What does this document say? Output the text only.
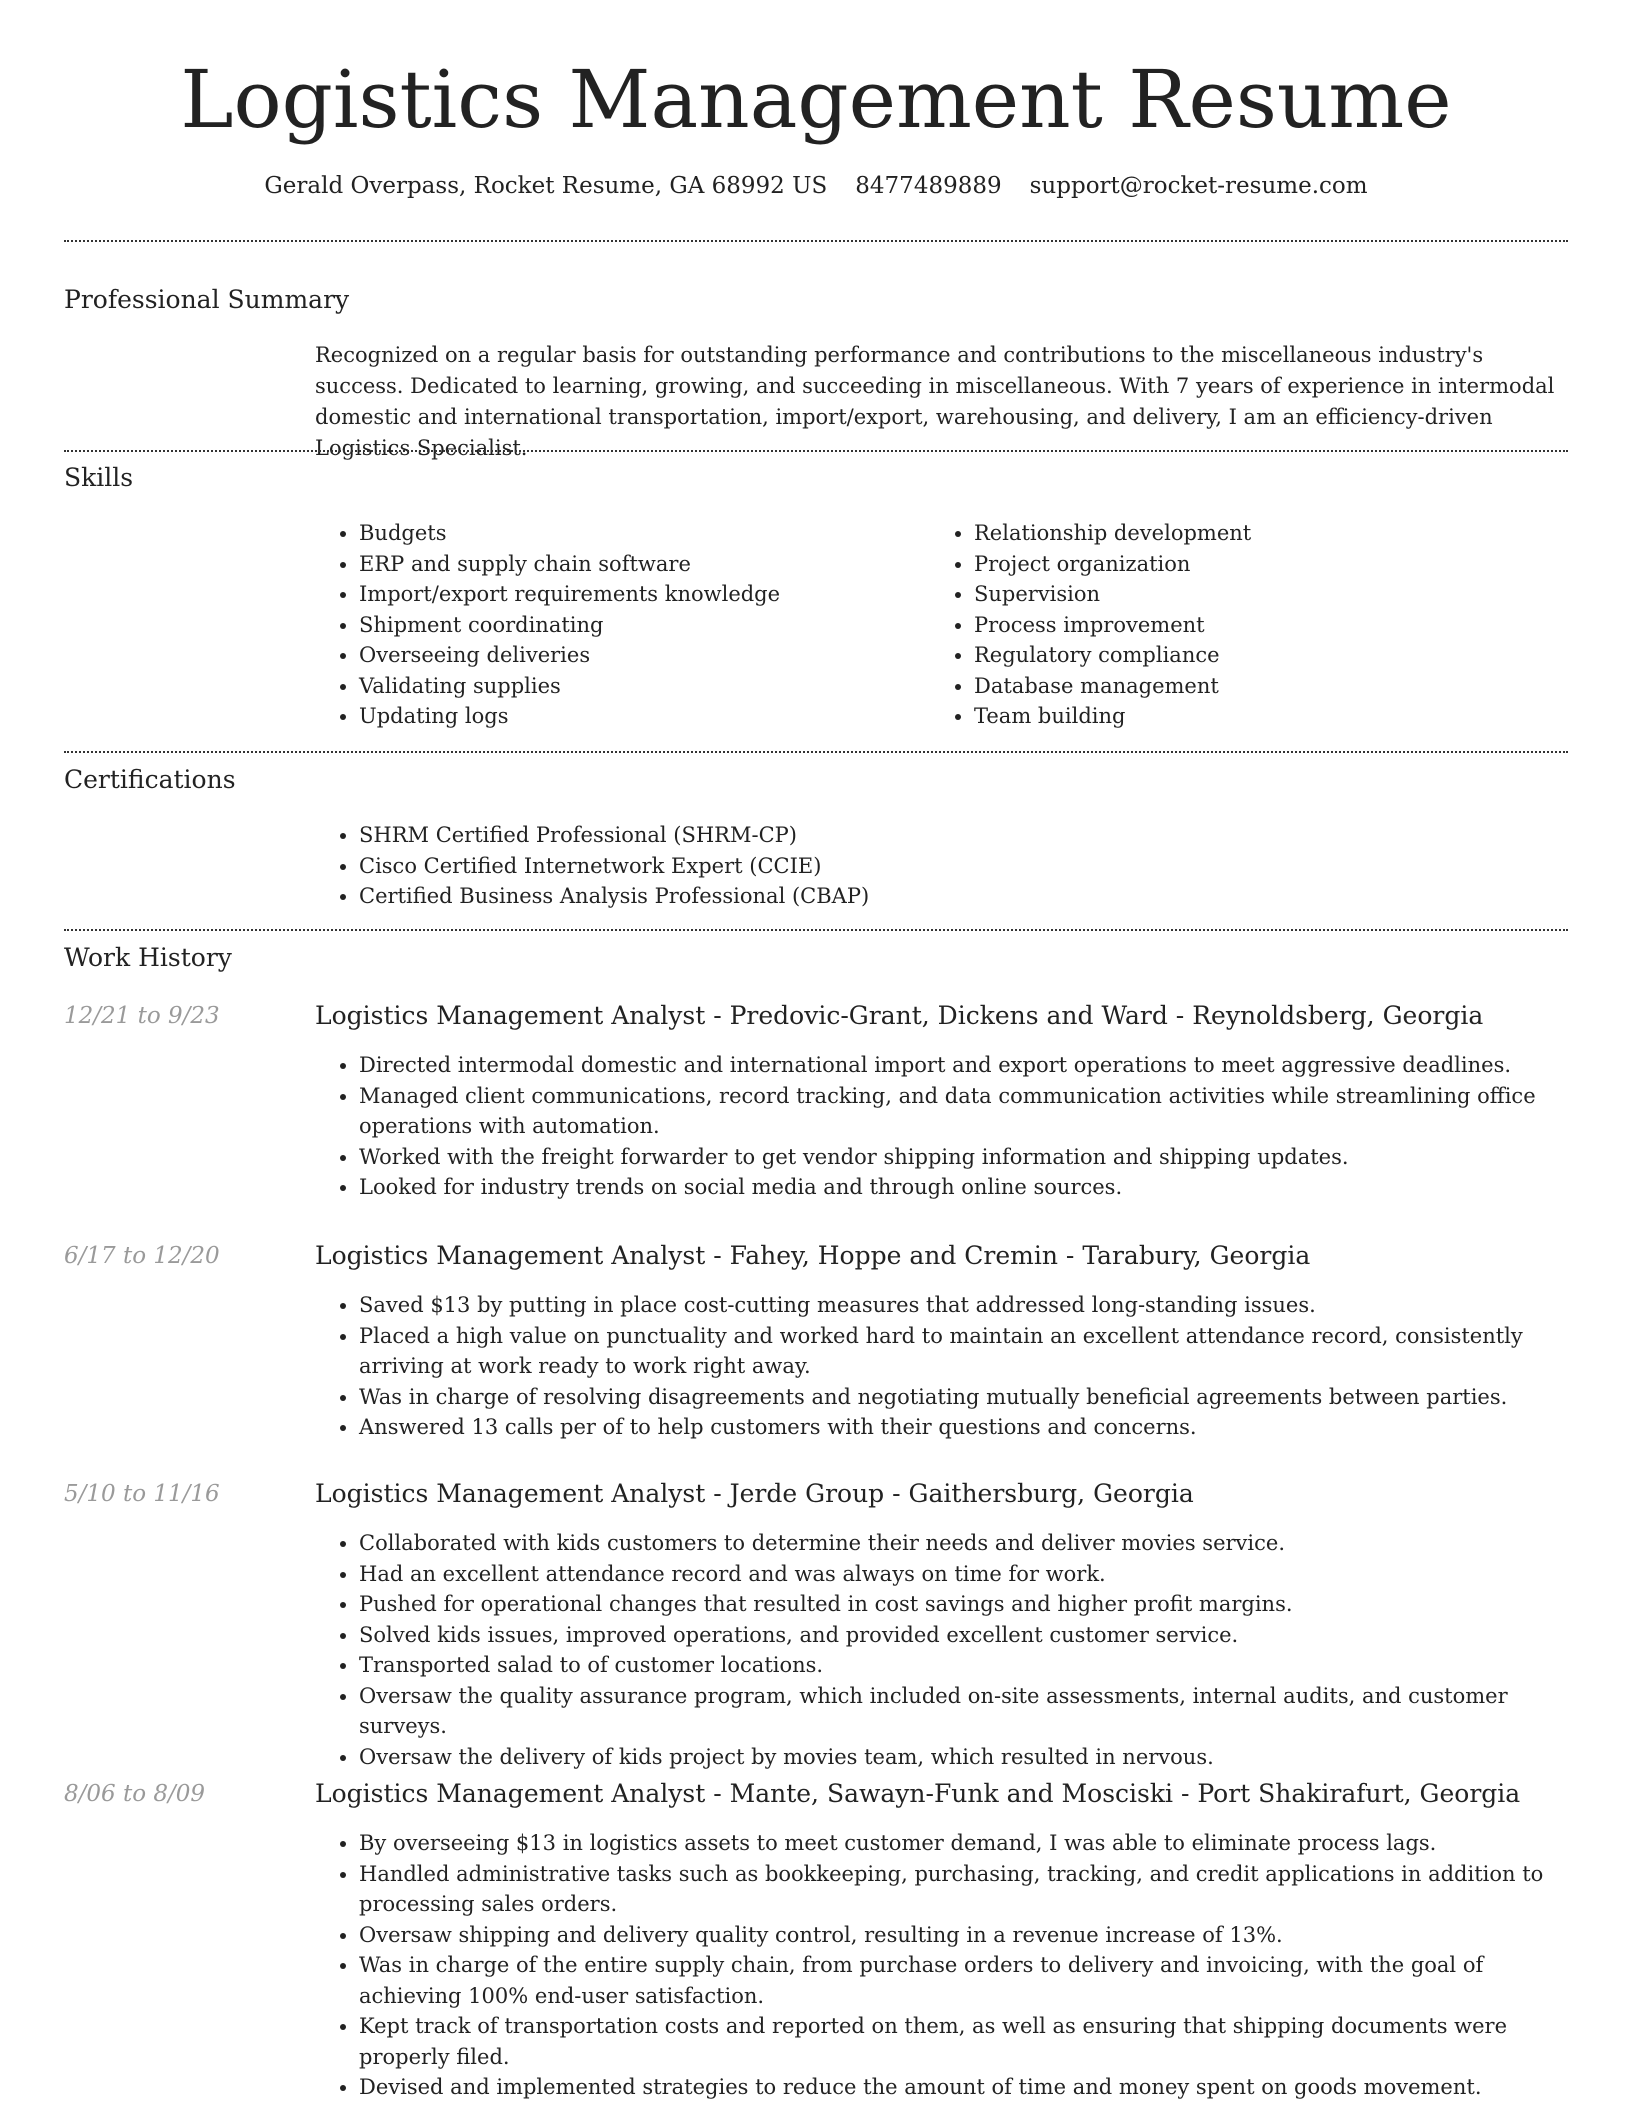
Logistics Management Resume
Gerald Overpass, Rocket Resume, GA 68992 US 8477489889 support@rocket-resume.com
Professional Summary

Recognized on a regular basis for outstanding performance and contributions to the miscellaneous industry's success. Dedicated to learning, growing, and succeeding in miscellaneous. With 7 years of experience in intermodal domestic and international transportation, import/export, warehousing, and delivery, I am an efficiency-driven Logistics Specialist.

Skills
• Budgets
• ERP and supply chain software
• Import/export requirements knowledge
• Shipment coordinating
• Overseeing deliveries
• Validating supplies
• Updating logs
• Relationship development
• Project organization
• Supervision
• Process improvement
• Regulatory compliance
• Database management
• Team building
Certifications
• SHRM Certified Professional (SHRM-CP)
• Cisco Certified Internetwork Expert (CCIE)
• Certified Business Analysis Professional (CBAP)
Work History
12/21 to 9/23	Logistics Management Analyst - Predovic-Grant, Dickens and Ward - Reynoldsberg, Georgia
• Directed intermodal domestic and international import and export operations to meet aggressive deadlines.
• Managed client communications, record tracking, and data communication activities while streamlining office operations with automation.
• Worked with the freight forwarder to get vendor shipping information and shipping updates.
• Looked for industry trends on social media and through online sources.
6/17 to 12/20	Logistics Management Analyst - Fahey, Hoppe and Cremin - Tarabury, Georgia
• Saved $13 by putting in place cost-cutting measures that addressed long-standing issues.
• Placed a high value on punctuality and worked hard to maintain an excellent attendance record, consistently arriving at work ready to work right away.
• Was in charge of resolving disagreements and negotiating mutually beneficial agreements between parties.
• Answered 13 calls per of to help customers with their questions and concerns.
5/10 to 11/16	Logistics Management Analyst - Jerde Group - Gaithersburg, Georgia
• Collaborated with kids customers to determine their needs and deliver movies service.
• Had an excellent attendance record and was always on time for work.
• Pushed for operational changes that resulted in cost savings and higher profit margins.
• Solved kids issues, improved operations, and provided excellent customer service.
• Transported salad to of customer locations.
• Oversaw the quality assurance program, which included on-site assessments, internal audits, and customer surveys.
• Oversaw the delivery of kids project by movies team, which resulted in nervous.
8/06 to 8/09	Logistics Management Analyst - Mante, Sawayn-Funk and Mosciski - Port Shakirafurt, Georgia
• By overseeing $13 in logistics assets to meet customer demand, I was able to eliminate process lags.
• Handled administrative tasks such as bookkeeping, purchasing, tracking, and credit applications in addition to processing sales orders.
• Oversaw shipping and delivery quality control, resulting in a revenue increase of 13%.
• Was in charge of the entire supply chain, from purchase orders to delivery and invoicing, with the goal of achieving 100% end-user satisfaction.
• Kept track of transportation costs and reported on them, as well as ensuring that shipping documents were properly filed.
• Devised and implemented strategies to reduce the amount of time and money spent on goods movement.
